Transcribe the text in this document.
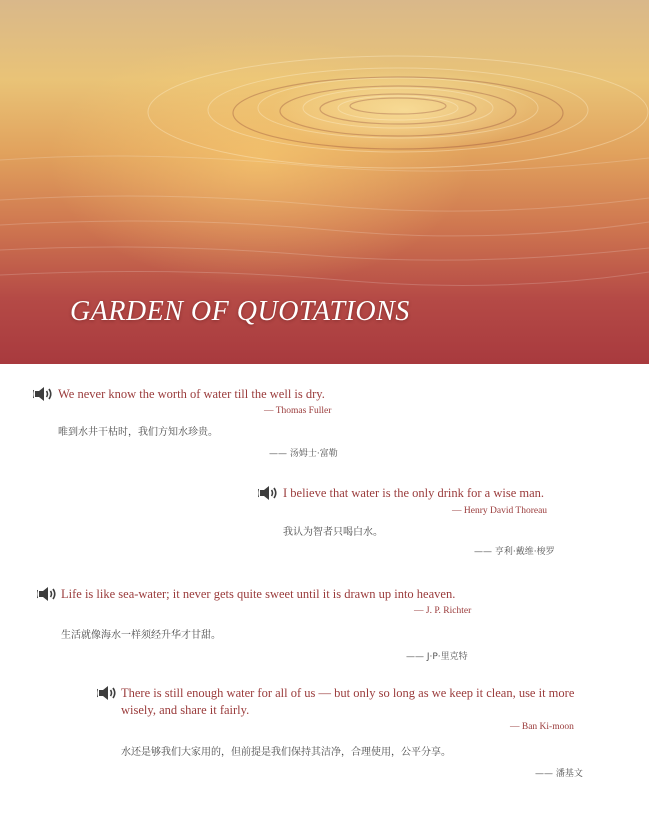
GARDEN OF QUOTATIONS

We never know the worth of water till the well is dry.

— Thomas Fuller

唯到水井干枯时，我们方知水珍贵。

—— 汤姆士·富勒

I believe that water is the only drink for a wise man.

— Henry David Thoreau

我认为智者只喝白水。

—— 亨利·戴维·梭罗

Life is like sea-water; it never gets quite sweet until it is drawn up into heaven.

— J. P. Richter

生活就像海水一样须经升华才甘甜。

—— J·P·里克特

There is still enough water for all of us — but only so long as we keep it clean, use it more wisely, and share it fairly.

— Ban Ki-moon

水还是够我们大家用的，但前提是我们保持其洁净，合理使用，公平分享。

—— 潘基文
